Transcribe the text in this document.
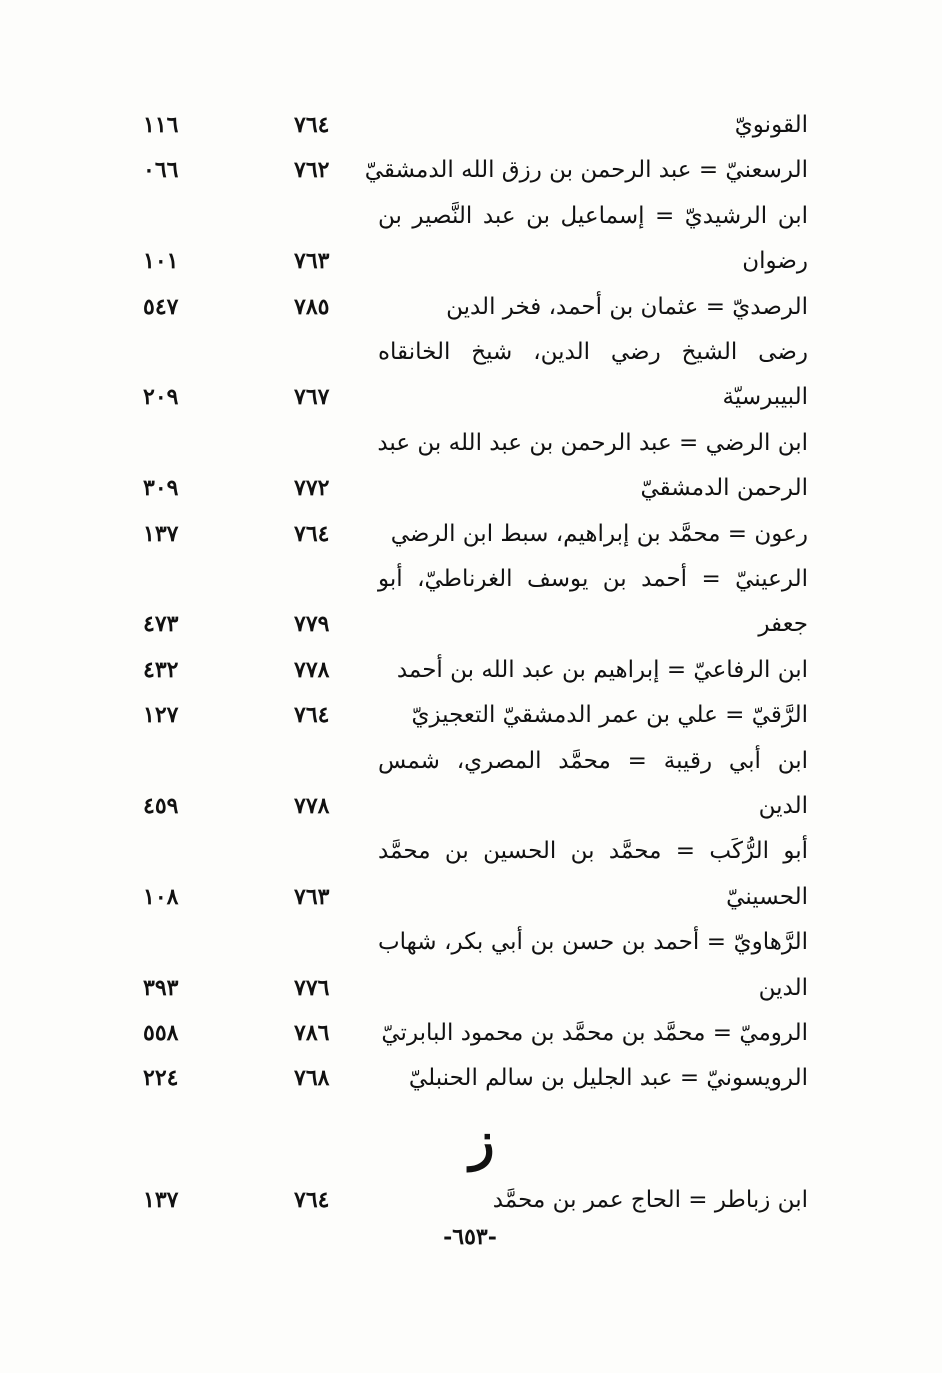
القونويّ
٧٦٤
١١٦
الرسعنيّ = عبد الرحمن بن رزق الله الدمشقيّ
٧٦٢
٠٦٦
ابن الرشيديّ = إسماعيل بن عبد النَّصير بن
رضوان
٧٦٣
١٠١
الرصديّ = عثمان بن أحمد، فخر الدين
٧٨٥
٥٤٧
رضى الشيخ رضي الدين، شيخ الخانقاه
البيبرسيّة
٧٦٧
٢٠٩
ابن الرضي = عبد الرحمن بن عبد الله بن عبد
الرحمن الدمشقيّ
٧٧٢
٣٠٩
رعون = محمَّد بن إبراهيم، سبط ابن الرضي
٧٦٤
١٣٧
الرعينيّ = أحمد بن يوسف الغرناطيّ، أبو
جعفر
٧٧٩
٤٧٣
ابن الرفاعيّ = إبراهيم بن عبد الله بن أحمد
٧٧٨
٤٣٢
الرَّقيّ = علي بن عمر الدمشقيّ التعجيزيّ
٧٦٤
١٢٧
ابن أبي رقيبة = محمَّد المصري، شمس
الدين
٧٧٨
٤٥٩
أبو الرُّكَب = محمَّد بن الحسين بن محمَّد
الحسينيّ
٧٦٣
١٠٨
الرَّهاويّ = أحمد بن حسن بن أبي بكر، شهاب
الدين
٧٧٦
٣٩٣
الروميّ = محمَّد بن محمَّد بن محمود البابرتيّ
٧٨٦
٥٥٨
الرويسونيّ = عبد الجليل بن سالم الحنبليّ
٧٦٨
٢٢٤
ز
ابن زباطر = الحاج عمر بن محمَّد
٧٦٤
١٣٧
-٦٥٣-
